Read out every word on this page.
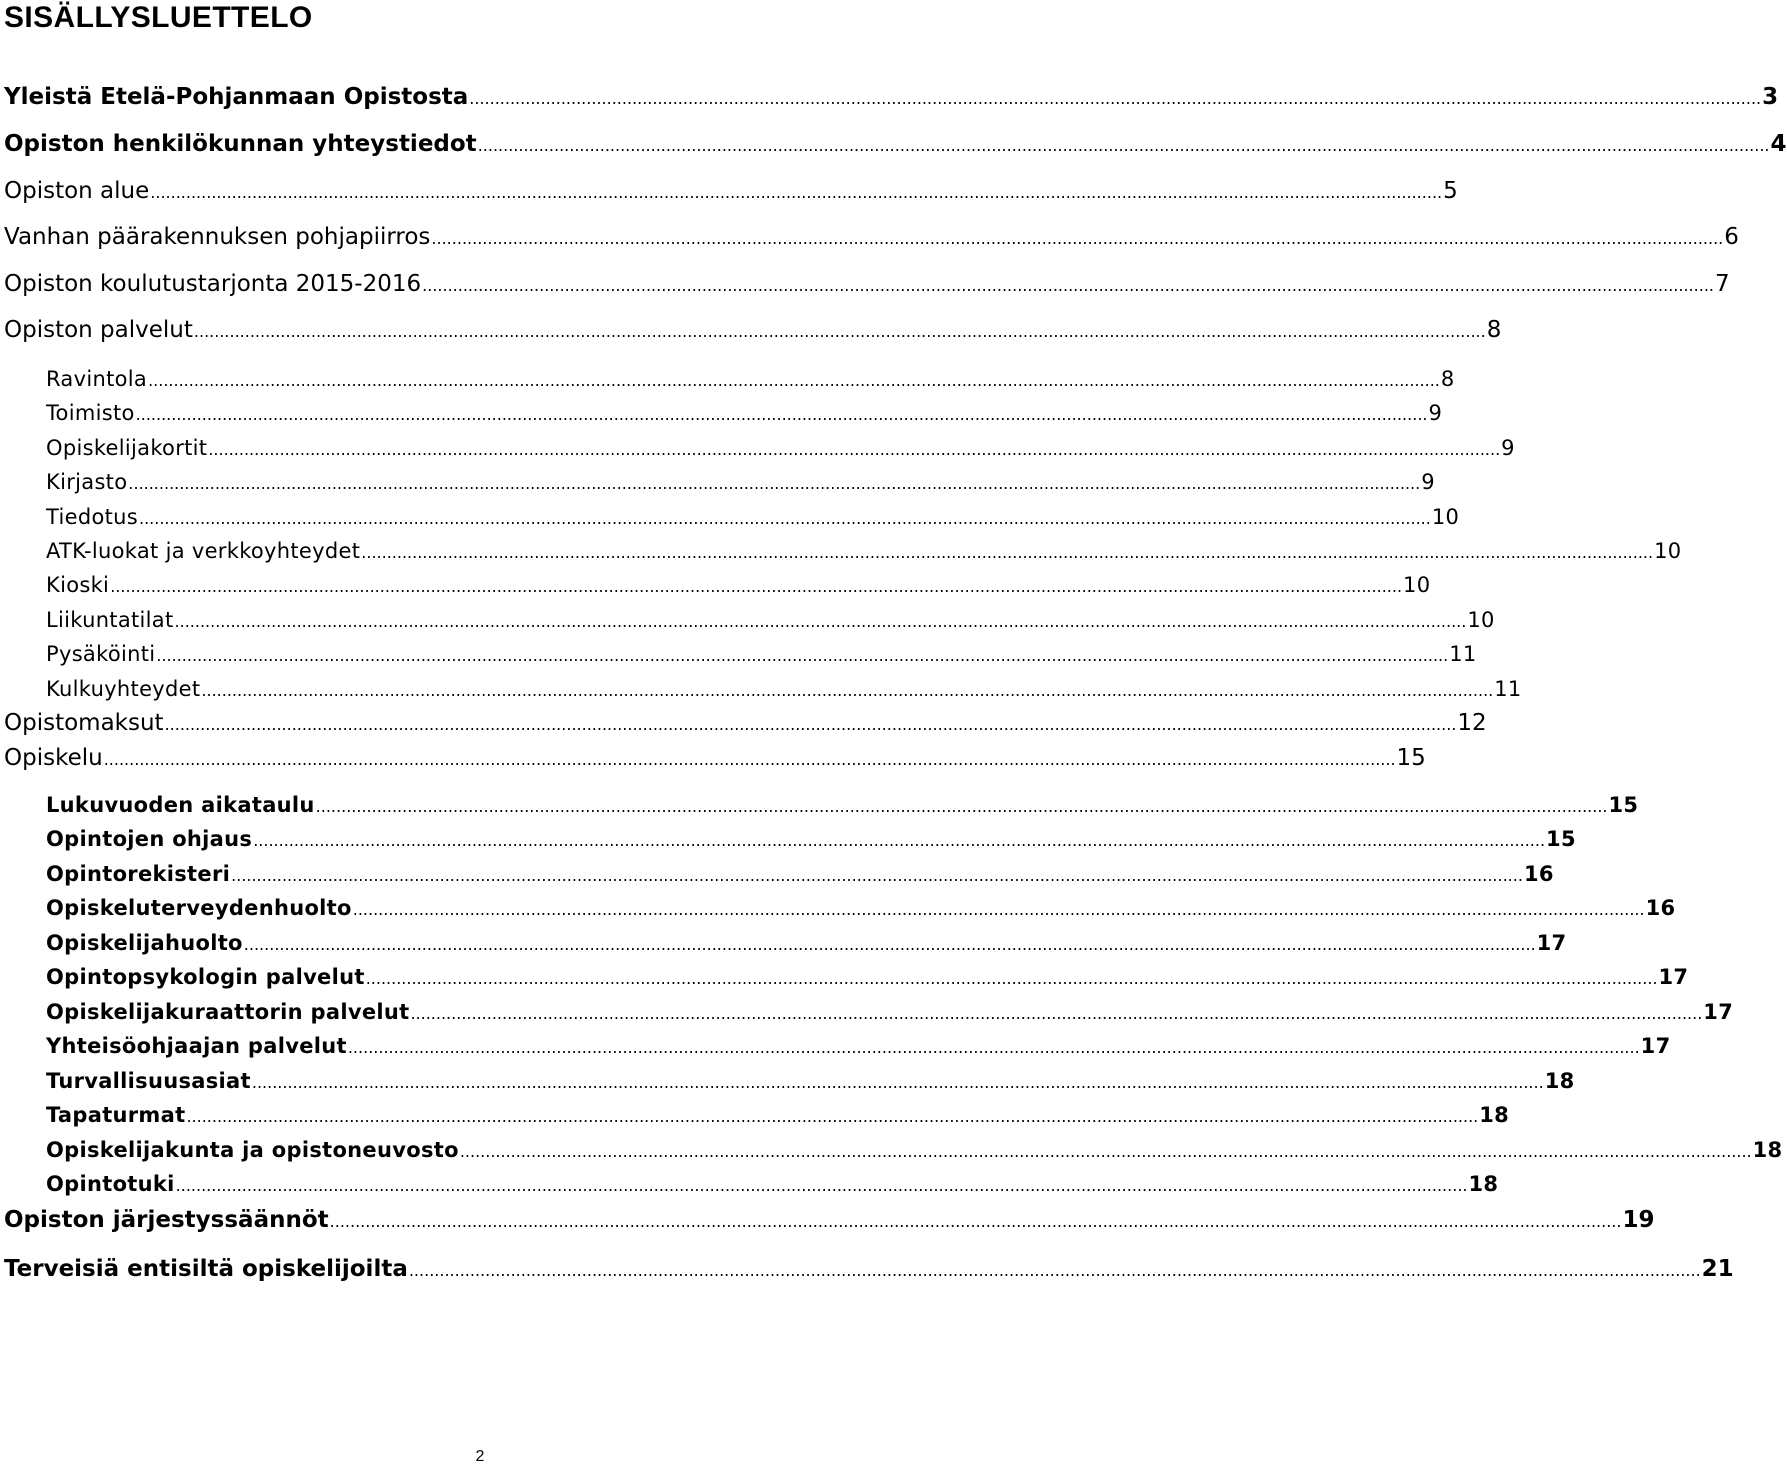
SISÄLLYSLUETTELO
Yleistä Etelä-Pohjanmaan Opistosta .............................................................................................................................................................................................................................................................. 3
Opiston henkilökunnan yhteystiedot .............................................................................................................................................................................................................................................................. 4
Opiston alue .............................................................................................................................................................................................................................................................. 5
Vanhan päärakennuksen pohjapiirros .............................................................................................................................................................................................................................................................. 6
Opiston koulutustarjonta 2015-2016 .............................................................................................................................................................................................................................................................. 7
Opiston palvelut .............................................................................................................................................................................................................................................................. 8
Ravintola .............................................................................................................................................................................................................................................................. 8
Toimisto .............................................................................................................................................................................................................................................................. 9
Opiskelijakortit .............................................................................................................................................................................................................................................................. 9
Kirjasto .............................................................................................................................................................................................................................................................. 9
Tiedotus .............................................................................................................................................................................................................................................................. 10
ATK-luokat ja verkkoyhteydet .............................................................................................................................................................................................................................................................. 10
Kioski .............................................................................................................................................................................................................................................................. 10
Liikuntatilat .............................................................................................................................................................................................................................................................. 10
Pysäköinti .............................................................................................................................................................................................................................................................. 11
Kulkuyhteydet .............................................................................................................................................................................................................................................................. 11
Opistomaksut .............................................................................................................................................................................................................................................................. 12
Opiskelu .............................................................................................................................................................................................................................................................. 15
Lukuvuoden aikataulu .............................................................................................................................................................................................................................................................. 15
Opintojen ohjaus .............................................................................................................................................................................................................................................................. 15
Opintorekisteri .............................................................................................................................................................................................................................................................. 16
Opiskeluterveydenhuolto .............................................................................................................................................................................................................................................................. 16
Opiskelijahuolto .............................................................................................................................................................................................................................................................. 17
Opintopsykologin palvelut .............................................................................................................................................................................................................................................................. 17
Opiskelijakuraattorin palvelut .............................................................................................................................................................................................................................................................. 17
Yhteisöohjaajan palvelut .............................................................................................................................................................................................................................................................. 17
Turvallisuusasiat .............................................................................................................................................................................................................................................................. 18
Tapaturmat .............................................................................................................................................................................................................................................................. 18
Opiskelijakunta ja opistoneuvosto .............................................................................................................................................................................................................................................................. 18
Opintotuki .............................................................................................................................................................................................................................................................. 18
Opiston järjestyssäännöt .............................................................................................................................................................................................................................................................. 19
Terveisiä entisiltä opiskelijoilta .............................................................................................................................................................................................................................................................. 21
2
